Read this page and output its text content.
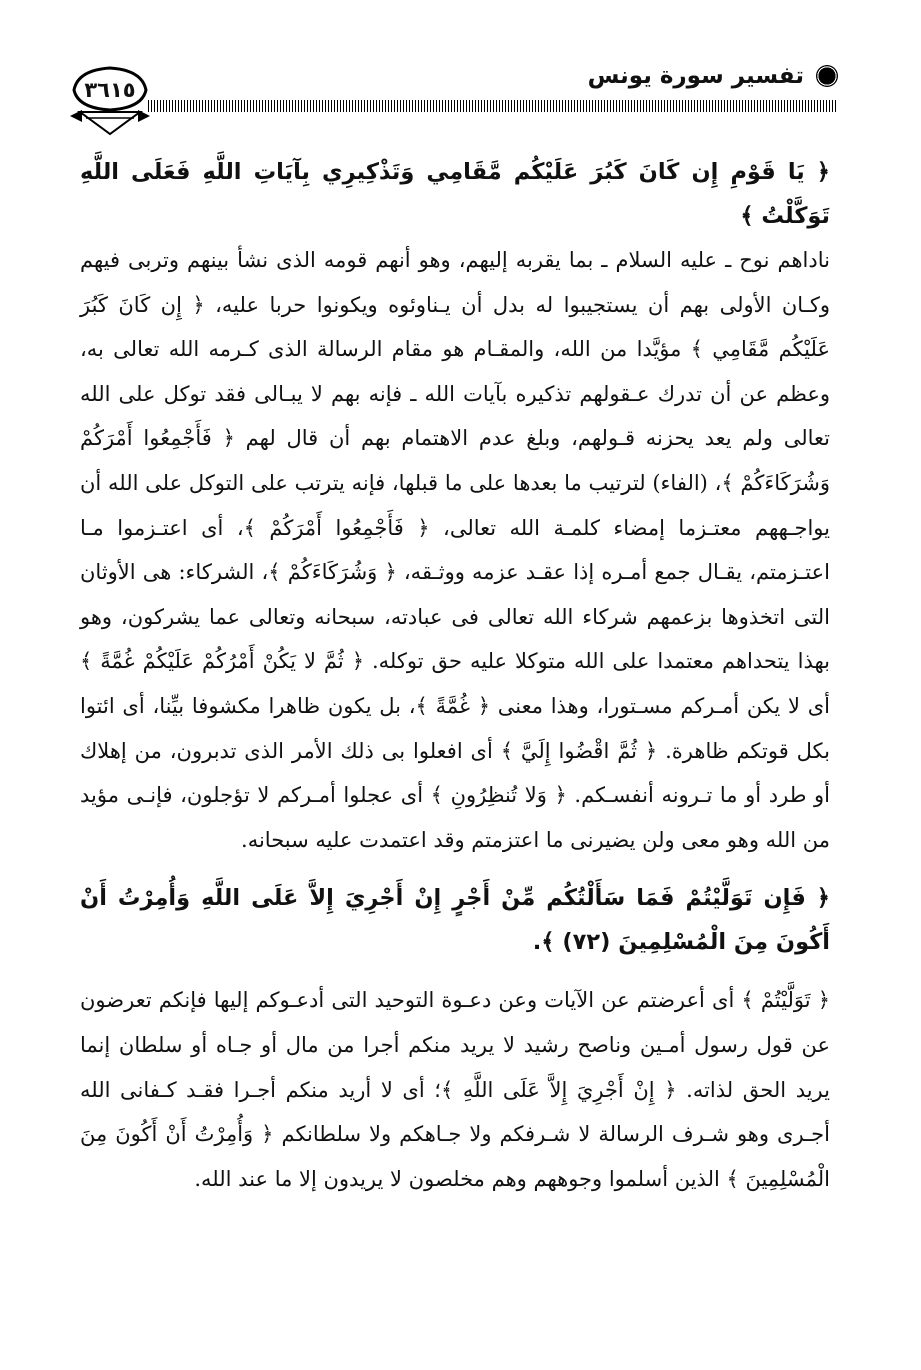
تفسير سورة يونس
٣٦١٥

﴿ يَا قَوْمِ إِن كَانَ كَبُرَ عَلَيْكُم مَّقَامِي وَتَذْكِيرِي بِآيَاتِ اللَّهِ فَعَلَى اللَّهِ تَوَكَّلْتُ ﴾

ناداهم نوح ـ عليه السلام ـ بما يقربه إليهم، وهو أنهم قومه الذى نشأ بينهم وتربى فيهم وكـان الأولى بهم أن يستجيبوا له بدل أن يـناوئوه ويكونوا حربا عليه، ﴿ إِن كَانَ كَبُرَ عَلَيْكُم مَّقَامِي ﴾ مؤيَّدا من الله، والمقـام هو مقام الرسالة الذى كـرمه الله تعالى به، وعظم عن أن تدرك عـقولهم تذكيره بآيات الله ـ فإنه بهم لا يبـالى فقد توكل على الله تعالى ولم يعد يحزنه قـولهم، وبلغ عدم الاهتمام بهم أن قال لهم ﴿ فَأَجْمِعُوا أَمْرَكُمْ وَشُرَكَاءَكُمْ ﴾، (الفاء) لترتيب ما بعدها على ما قبلها، فإنه يترتب على التوكل على الله أن يواجـههم معتـزما إمضاء كلمـة الله تعالى، ﴿ فَأَجْمِعُوا أَمْرَكُمْ ﴾، أى اعتـزموا مـا اعتـزمتم، يقـال جمع أمـره إذا عقـد عزمه ووثـقه، ﴿ وَشُرَكَاءَكُمْ ﴾، الشركاء: هى الأوثان التى اتخذوها بزعمهم شركاء الله تعالى فى عبادته، سبحانه وتعالى عما يشركون، وهو بهذا يتحداهم معتمدا على الله متوكلا عليه حق توكله. ﴿ ثُمَّ لا يَكُنْ أَمْرُكُمْ عَلَيْكُمْ غُمَّةً ﴾ أى لا يكن أمـركم مسـتورا، وهذا معنى ﴿ غُمَّةً ﴾، بل يكون ظاهرا مكشوفا بيِّنا، أى ائتوا بكل قوتكم ظاهرة. ﴿ ثُمَّ اقْضُوا إِلَيَّ ﴾ أى افعلوا بى ذلك الأمر الذى تدبرون، من إهلاك أو طرد أو ما تـرونه أنفسـكم. ﴿ وَلا تُنظِرُونِ ﴾ أى عجلوا أمـركم لا تؤجلون، فإنـى مؤيد من الله وهو معى ولن يضيرنى ما اعتزمتم وقد اعتمدت عليه سبحانه.

﴿ فَإِن تَوَلَّيْتُمْ فَمَا سَأَلْتُكُم مِّنْ أَجْرٍ إِنْ أَجْرِيَ إِلاَّ عَلَى اللَّهِ وَأُمِرْتُ أَنْ أَكُونَ مِنَ الْمُسْلِمِينَ (٧٢) ﴾.

﴿ تَوَلَّيْتُمْ ﴾ أى أعرضتم عن الآيات وعن دعـوة التوحيد التى أدعـوكم إليها فإنكم تعرضون عن قول رسول أمـين وناصح رشيد لا يريد منكم أجرا من مال أو جـاه أو سلطان إنما يريد الحق لذاته. ﴿ إِنْ أَجْرِيَ إِلاَّ عَلَى اللَّهِ ﴾؛ أى لا أريد منكم أجـرا فقـد كـفانى الله أجـرى وهو شـرف الرسالة لا شـرفكم ولا جـاهكم ولا سلطانكم ﴿ وَأُمِرْتُ أَنْ أَكُونَ مِنَ الْمُسْلِمِينَ ﴾ الذين أسلموا وجوههم وهم مخلصون لا يريدون إلا ما عند الله.
